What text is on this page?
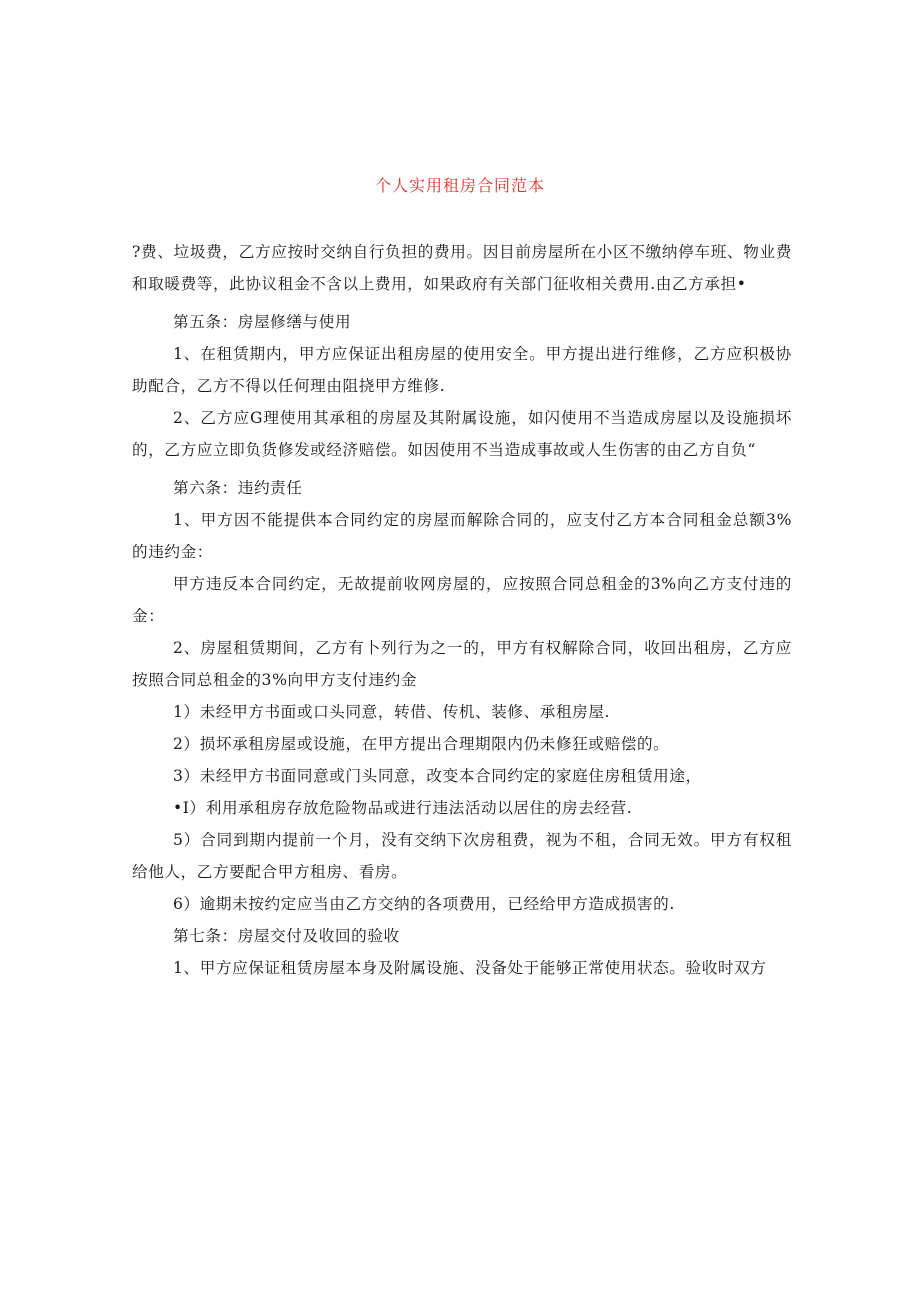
个人实用租房合同范本

?费、垃圾费，乙方应按时交纳自行负担的费用。因目前房屋所在小区不缴纳停车班、物业费和取暖费等，此协议租金不含以上费用，如果政府有关部门征收相关费用.由乙方承担•

第五条：房屋修缮与使用

1、在租赁期内，甲方应保证出租房屋的使用安全。甲方提出进行维修，乙方应积极协助配合，乙方不得以任何理由阻挠甲方维修.

2、乙方应G理使用其承租的房屋及其附属设施，如闪使用不当造成房屋以及设施损坏的，乙方应立即负货修发或经济赔偿。如因使用不当造成事故或人生伤害的由乙方自负“

第六条：违约责任

1、甲方因不能提供本合同约定的房屋而解除合同的，应支付乙方本合同租金总额3%的违约金：

甲方违反本合同约定，无故提前收网房屋的，应按照合同总租金的3%向乙方支付违的金：

2、房屋租赁期间，乙方有卜列行为之一的，甲方有权解除合同，收回出租房，乙方应按照合同总租金的3%向甲方支付违约金

1）未经甲方书面或口头同意，转借、传机、装修、承租房屋.

2）损坏承租房屋或设施，在甲方提出合理期限内仍未修狂或赔偿的。

3）未经甲方书面同意或门头同意，改变本合同约定的家庭住房租赁用途，

•I）利用承租房存放危险物品或进行违法活动以居住的房去经营.

5）合同到期内提前一个月，没有交纳下次房租费，视为不租，合同无效。甲方有权租给他人，乙方要配合甲方租房、看房。

6）逾期未按约定应当由乙方交纳的各项费用，已经给甲方造成损害的.

第七条：房屋交付及收回的验收

1、甲方应保证租赁房屋本身及附属设施、没备处于能够正常使用状态。验收时双方
